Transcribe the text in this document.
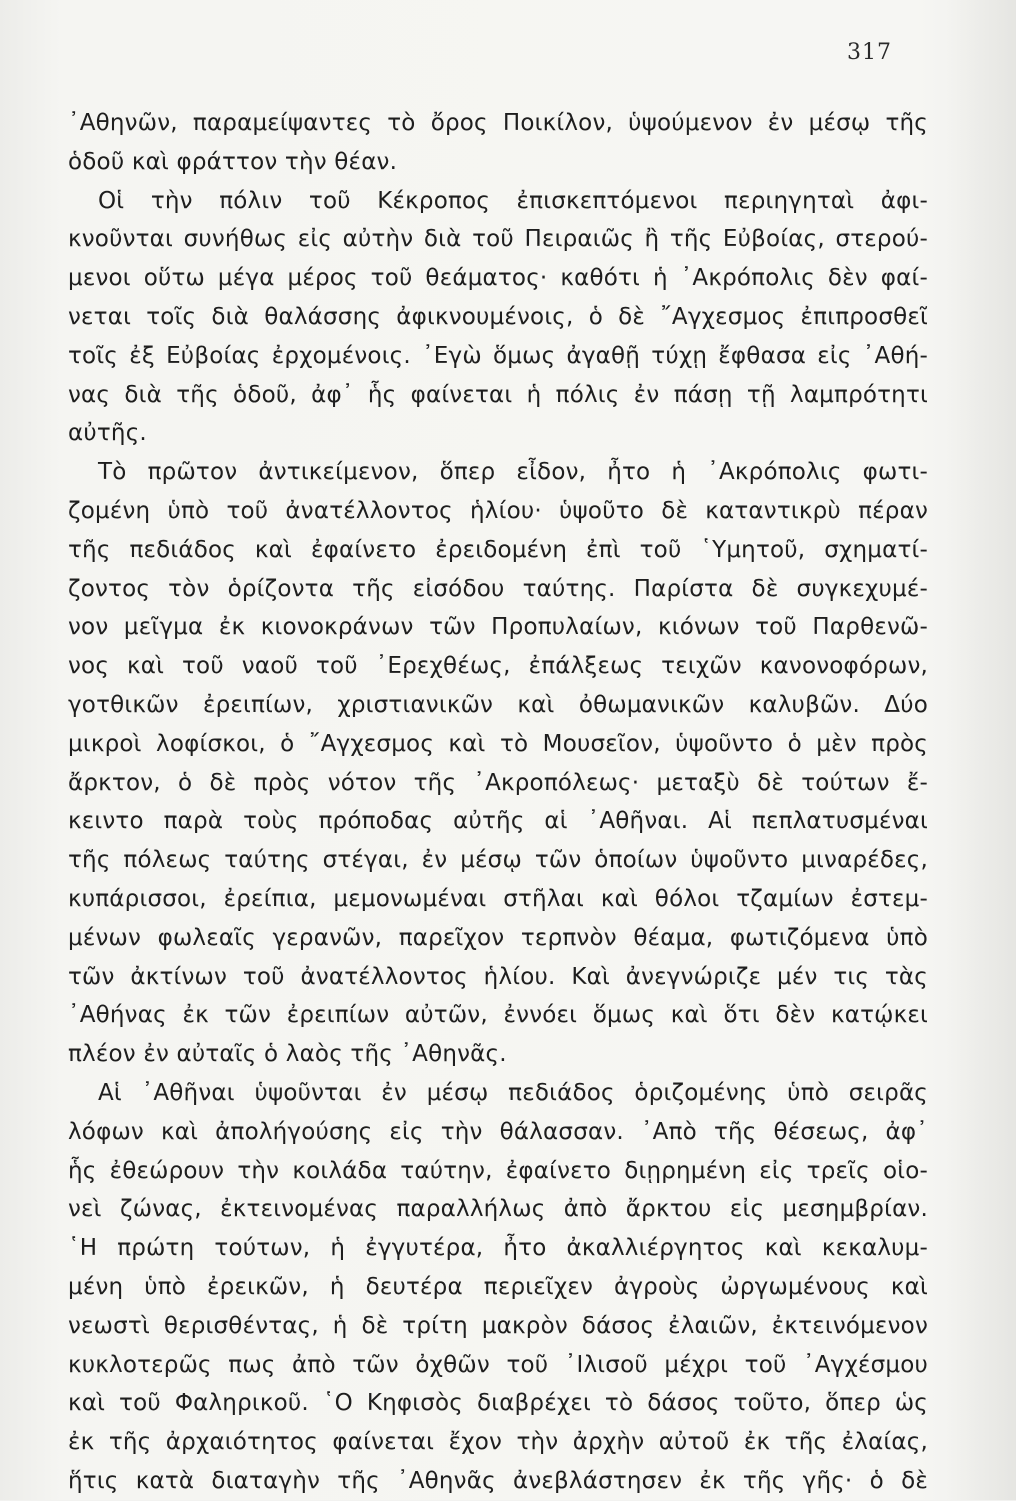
317
᾽Αθηνῶν, παραμείψαντες τὸ ὄρος Ποικίλον, ὑψούμενον ἐν μέσῳ τῆς
ὁδοῦ καὶ φράττον τὴν θέαν.
Οἱ τὴν πόλιν τοῦ Κέκροπος ἐπισκεπτόμενοι περιηγηταὶ ἀφι-
κνοῦνται συνήθως εἰς αὐτὴν διὰ τοῦ Πειραιῶς ἢ τῆς Εὐβοίας, στερού-
μενοι οὕτω μέγα μέρος τοῦ θεάματος· καθότι ἡ ᾽Ακρόπολις δὲν φαί-
νεται τοῖς διὰ θαλάσσης ἀφικνουμένοις, ὁ δὲ ῎Αγχεσμος ἐπιπροσθεῖ
τοῖς ἐξ Εὐβοίας ἐρχομένοις. ᾽Εγὼ ὅμως ἀγαθῇ τύχῃ ἔφθασα εἰς ᾽Αθή-
νας διὰ τῆς ὁδοῦ, ἀφ᾽ ἧς φαίνεται ἡ πόλις ἐν πάσῃ τῇ λαμπρότητι
αὐτῆς.
Τὸ πρῶτον ἀντικείμενον, ὅπερ εἶδον, ἦτο ἡ ᾽Ακρόπολις φωτι-
ζομένη ὑπὸ τοῦ ἀνατέλλοντος ἡλίου· ὑψοῦτο δὲ καταντικρὺ πέραν
τῆς πεδιάδος καὶ ἐφαίνετο ἐρειδομένη ἐπὶ τοῦ ῾Υμητοῦ, σχηματί-
ζοντος τὸν ὁρίζοντα τῆς εἰσόδου ταύτης. Παρίστα δὲ συγκεχυμέ-
νον μεῖγμα ἐκ κιονοκράνων τῶν Προπυλαίων, κιόνων τοῦ Παρθενῶ-
νος καὶ τοῦ ναοῦ τοῦ ᾽Ερεχθέως, ἐπάλξεως τειχῶν κανονοφόρων,
γοτθικῶν ἐρειπίων, χριστιανικῶν καὶ ὀθωμανικῶν καλυβῶν. Δύο
μικροὶ λοφίσκοι, ὁ ῎Αγχεσμος καὶ τὸ Μουσεῖον, ὑψοῦντο ὁ μὲν πρὸς
ἄρκτον, ὁ δὲ πρὸς νότον τῆς ᾽Ακροπόλεως· μεταξὺ δὲ τούτων ἔ-
κειντο παρὰ τοὺς πρόποδας αὐτῆς αἱ ᾽Αθῆναι. Αἱ πεπλατυσμέναι
τῆς πόλεως ταύτης στέγαι, ἐν μέσῳ τῶν ὁποίων ὑψοῦντο μιναρέδες,
κυπάρισσοι, ἐρείπια, μεμονωμέναι στῆλαι καὶ θόλοι τζαμίων ἐστεμ-
μένων φωλεαῖς γερανῶν, παρεῖχον τερπνὸν θέαμα, φωτιζόμενα ὑπὸ
τῶν ἀκτίνων τοῦ ἀνατέλλοντος ἡλίου. Καὶ ἀνεγνώριζε μέν τις τὰς
᾽Αθήνας ἐκ τῶν ἐρειπίων αὐτῶν, ἐννόει ὅμως καὶ ὅτι δὲν κατῴκει
πλέον ἐν αὐταῖς ὁ λαὸς τῆς ᾽Αθηνᾶς.
Αἱ ᾽Αθῆναι ὑψοῦνται ἐν μέσῳ πεδιάδος ὁριζομένης ὑπὸ σειρᾶς
λόφων καὶ ἀπολήγούσης εἰς τὴν θάλασσαν. ᾽Απὸ τῆς θέσεως, ἀφ᾽
ἧς ἐθεώρουν τὴν κοιλάδα ταύτην, ἐφαίνετο διῃρημένη εἰς τρεῖς οἱο-
νεὶ ζώνας, ἐκτεινομένας παραλλήλως ἀπὸ ἄρκτου εἰς μεσημβρίαν.
῾Η πρώτη τούτων, ἡ ἐγγυτέρα, ἦτο ἀκαλλιέργητος καὶ κεκαλυμ-
μένη ὑπὸ ἐρεικῶν, ἡ δευτέρα περιεῖχεν ἀγροὺς ὠργωμένους καὶ
νεωστὶ θερισθέντας, ἡ δὲ τρίτη μακρὸν δάσος ἐλαιῶν, ἐκτεινόμενον
κυκλοτερῶς πως ἀπὸ τῶν ὀχθῶν τοῦ ᾽Ιλισοῦ μέχρι τοῦ ᾽Αγχέσμου
καὶ τοῦ Φαληρικοῦ. ῾Ο Κηφισὸς διαβρέχει τὸ δάσος τοῦτο, ὅπερ ὡς
ἐκ τῆς ἀρχαιότητος φαίνεται ἔχον τὴν ἀρχὴν αὐτοῦ ἐκ τῆς ἐλαίας,
ἥτις κατὰ διαταγὴν τῆς ᾽Αθηνᾶς ἀνεβλάστησεν ἐκ τῆς γῆς· ὁ δὲ
